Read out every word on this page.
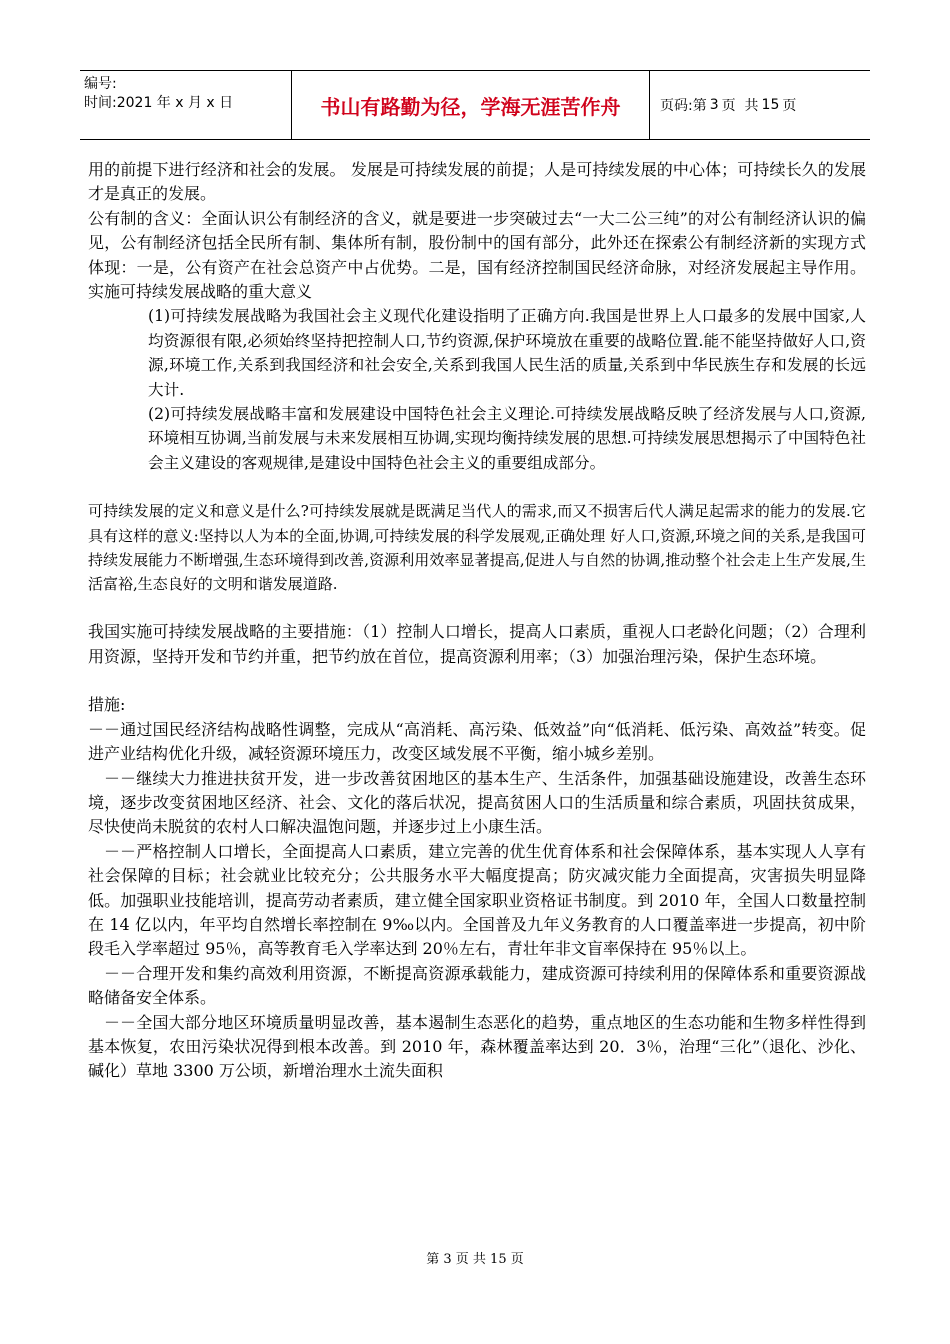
编号:
时间:2021 年 x 月 x 日	书山有路勤为径，学海无涯苦作舟	页码:第 3 页  共 15 页

用的前提下进行经济和社会的发展。 发展是可持续发展的前提；人是可持续发展的中心体；可持续长久的发展才是真正的发展。

公有制的含义：全面认识公有制经济的含义，就是要进一步突破过去“一大二公三纯”的对公有制经济认识的偏见，公有制经济包括全民所有制、集体所有制，股份制中的国有部分，此外还在探索公有制经济新的实现方式 体现：一是，公有资产在社会总资产中占优势。二是，国有经济控制国民经济命脉，对经济发展起主导作用。实施可持续发展战略的重大意义

(1)可持续发展战略为我国社会主义现代化建设指明了正确方向.我国是世界上人口最多的发展中国家,人均资源很有限,必须始终坚持把控制人口,节约资源,保护环境放在重要的战略位置.能不能坚持做好人口,资源,环境工作,关系到我国经济和社会安全,关系到我国人民生活的质量,关系到中华民族生存和发展的长远大计.

(2)可持续发展战略丰富和发展建设中国特色社会主义理论.可持续发展战略反映了经济发展与人口,资源,环境相互协调,当前发展与未来发展相互协调,实现均衡持续发展的思想.可持续发展思想揭示了中国特色社会主义建设的客观规律,是建设中国特色社会主义的重要组成部分。

可持续发展的定义和意义是什么?可持续发展就是既满足当代人的需求,而又不损害后代人满足起需求的能力的发展.它具有这样的意义:坚持以人为本的全面,协调,可持续发展的科学发展观,正确处理 好人口,资源,环境之间的关系,是我国可持续发展能力不断增强,生态环境得到改善,资源利用效率显著提高,促进人与自然的协调,推动整个社会走上生产发展,生活富裕,生态良好的文明和谐发展道路.

我国实施可持续发展战略的主要措施：（1）控制人口增长，提高人口素质，重视人口老龄化问题；（2）合理利用资源，坚持开发和节约并重，把节约放在首位，提高资源利用率；（3）加强治理污染，保护生态环境。

措施:

－－通过国民经济结构战略性调整，完成从“高消耗、高污染、低效益”向“低消耗、低污染、高效益”转变。促进产业结构优化升级，减轻资源环境压力，改变区域发展不平衡，缩小城乡差别。

－－继续大力推进扶贫开发，进一步改善贫困地区的基本生产、生活条件，加强基础设施建设，改善生态环境，逐步改变贫困地区经济、社会、文化的落后状况，提高贫困人口的生活质量和综合素质，巩固扶贫成果，尽快使尚未脱贫的农村人口解决温饱问题，并逐步过上小康生活。

－－严格控制人口增长，全面提高人口素质，建立完善的优生优育体系和社会保障体系，基本实现人人享有社会保障的目标；社会就业比较充分；公共服务水平大幅度提高；防灾减灾能力全面提高，灾害损失明显降低。加强职业技能培训，提高劳动者素质，建立健全国家职业资格证书制度。到 2010 年，全国人口数量控制在 14 亿以内，年平均自然增长率控制在 9‰以内。全国普及九年义务教育的人口覆盖率进一步提高，初中阶段毛入学率超过 95％，高等教育毛入学率达到 20％左右，青壮年非文盲率保持在 95％以上。

－－合理开发和集约高效利用资源，不断提高资源承载能力，建成资源可持续利用的保障体系和重要资源战略储备安全体系。

－－全国大部分地区环境质量明显改善，基本遏制生态恶化的趋势，重点地区的生态功能和生物多样性得到基本恢复，农田污染状况得到根本改善。到 2010 年，森林覆盖率达到 20．3％，治理“三化”（退化、沙化、碱化）草地 3300 万公顷，新增治理水土流失面积

第 3 页 共 15 页
